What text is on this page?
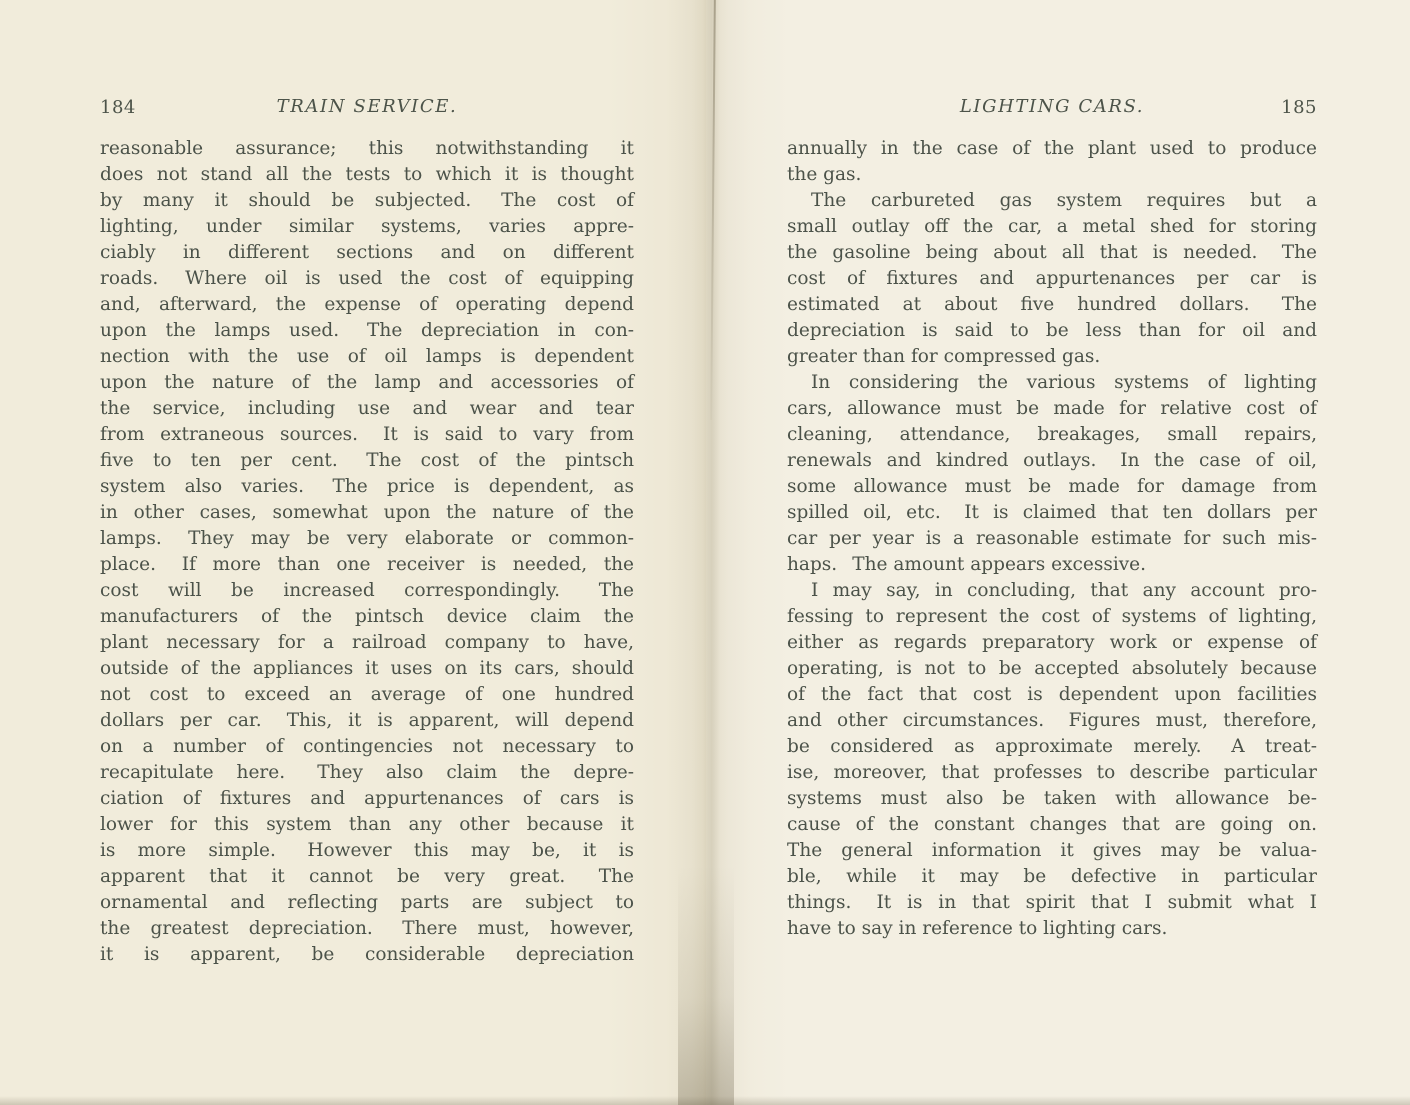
184	TRAIN SERVICE.	LIGHTING CARS.	185
reasonable assurance; this notwithstanding it
does not stand all the tests to which it is thought
by many it should be subjected.  The cost of
lighting, under similar systems, varies appre-
ciably in different sections and on different
roads.  Where oil is used the cost of equipping
and, afterward, the expense of operating depend
upon the lamps used.  The depreciation in con-
nection with the use of oil lamps is dependent
upon the nature of the lamp and accessories of
the service, including use and wear and tear
from extraneous sources.  It is said to vary from
five to ten per cent.  The cost of the pintsch
system also varies.  The price is dependent, as
in other cases, somewhat upon the nature of the
lamps.  They may be very elaborate or common-
place.  If more than one receiver is needed, the
cost will be increased correspondingly.  The
manufacturers of the pintsch device claim the
plant necessary for a railroad company to have,
outside of the appliances it uses on its cars, should
not cost to exceed an average of one hundred
dollars per car.  This, it is apparent, will depend
on a number of contingencies not necessary to
recapitulate here.  They also claim the depre-
ciation of fixtures and appurtenances of cars is
lower for this system than any other because it
is more simple.  However this may be, it is
apparent that it cannot be very great.  The
ornamental and reflecting parts are subject to
the greatest depreciation.  There must, however,
it is apparent, be considerable depreciation
annually in the case of the plant used to produce
the gas.
The carbureted gas system requires but a
small outlay off the car, a metal shed for storing
the gasoline being about all that is needed.  The
cost of fixtures and appurtenances per car is
estimated at about five hundred dollars.  The
depreciation is said to be less than for oil and
greater than for compressed gas.
In considering the various systems of lighting
cars, allowance must be made for relative cost of
cleaning, attendance, breakages, small repairs,
renewals and kindred outlays.  In the case of oil,
some allowance must be made for damage from
spilled oil, etc.  It is claimed that ten dollars per
car per year is a reasonable estimate for such mis-
haps.  The amount appears excessive.
I may say, in concluding, that any account pro-
fessing to represent the cost of systems of lighting,
either as regards preparatory work or expense of
operating, is not to be accepted absolutely because
of the fact that cost is dependent upon facilities
and other circumstances.  Figures must, therefore,
be considered as approximate merely.  A treat-
ise, moreover, that professes to describe particular
systems must also be taken with allowance be-
cause of the constant changes that are going on.
The general information it gives may be valua-
ble, while it may be defective in particular
things.  It is in that spirit that I submit what I
have to say in reference to lighting cars.
